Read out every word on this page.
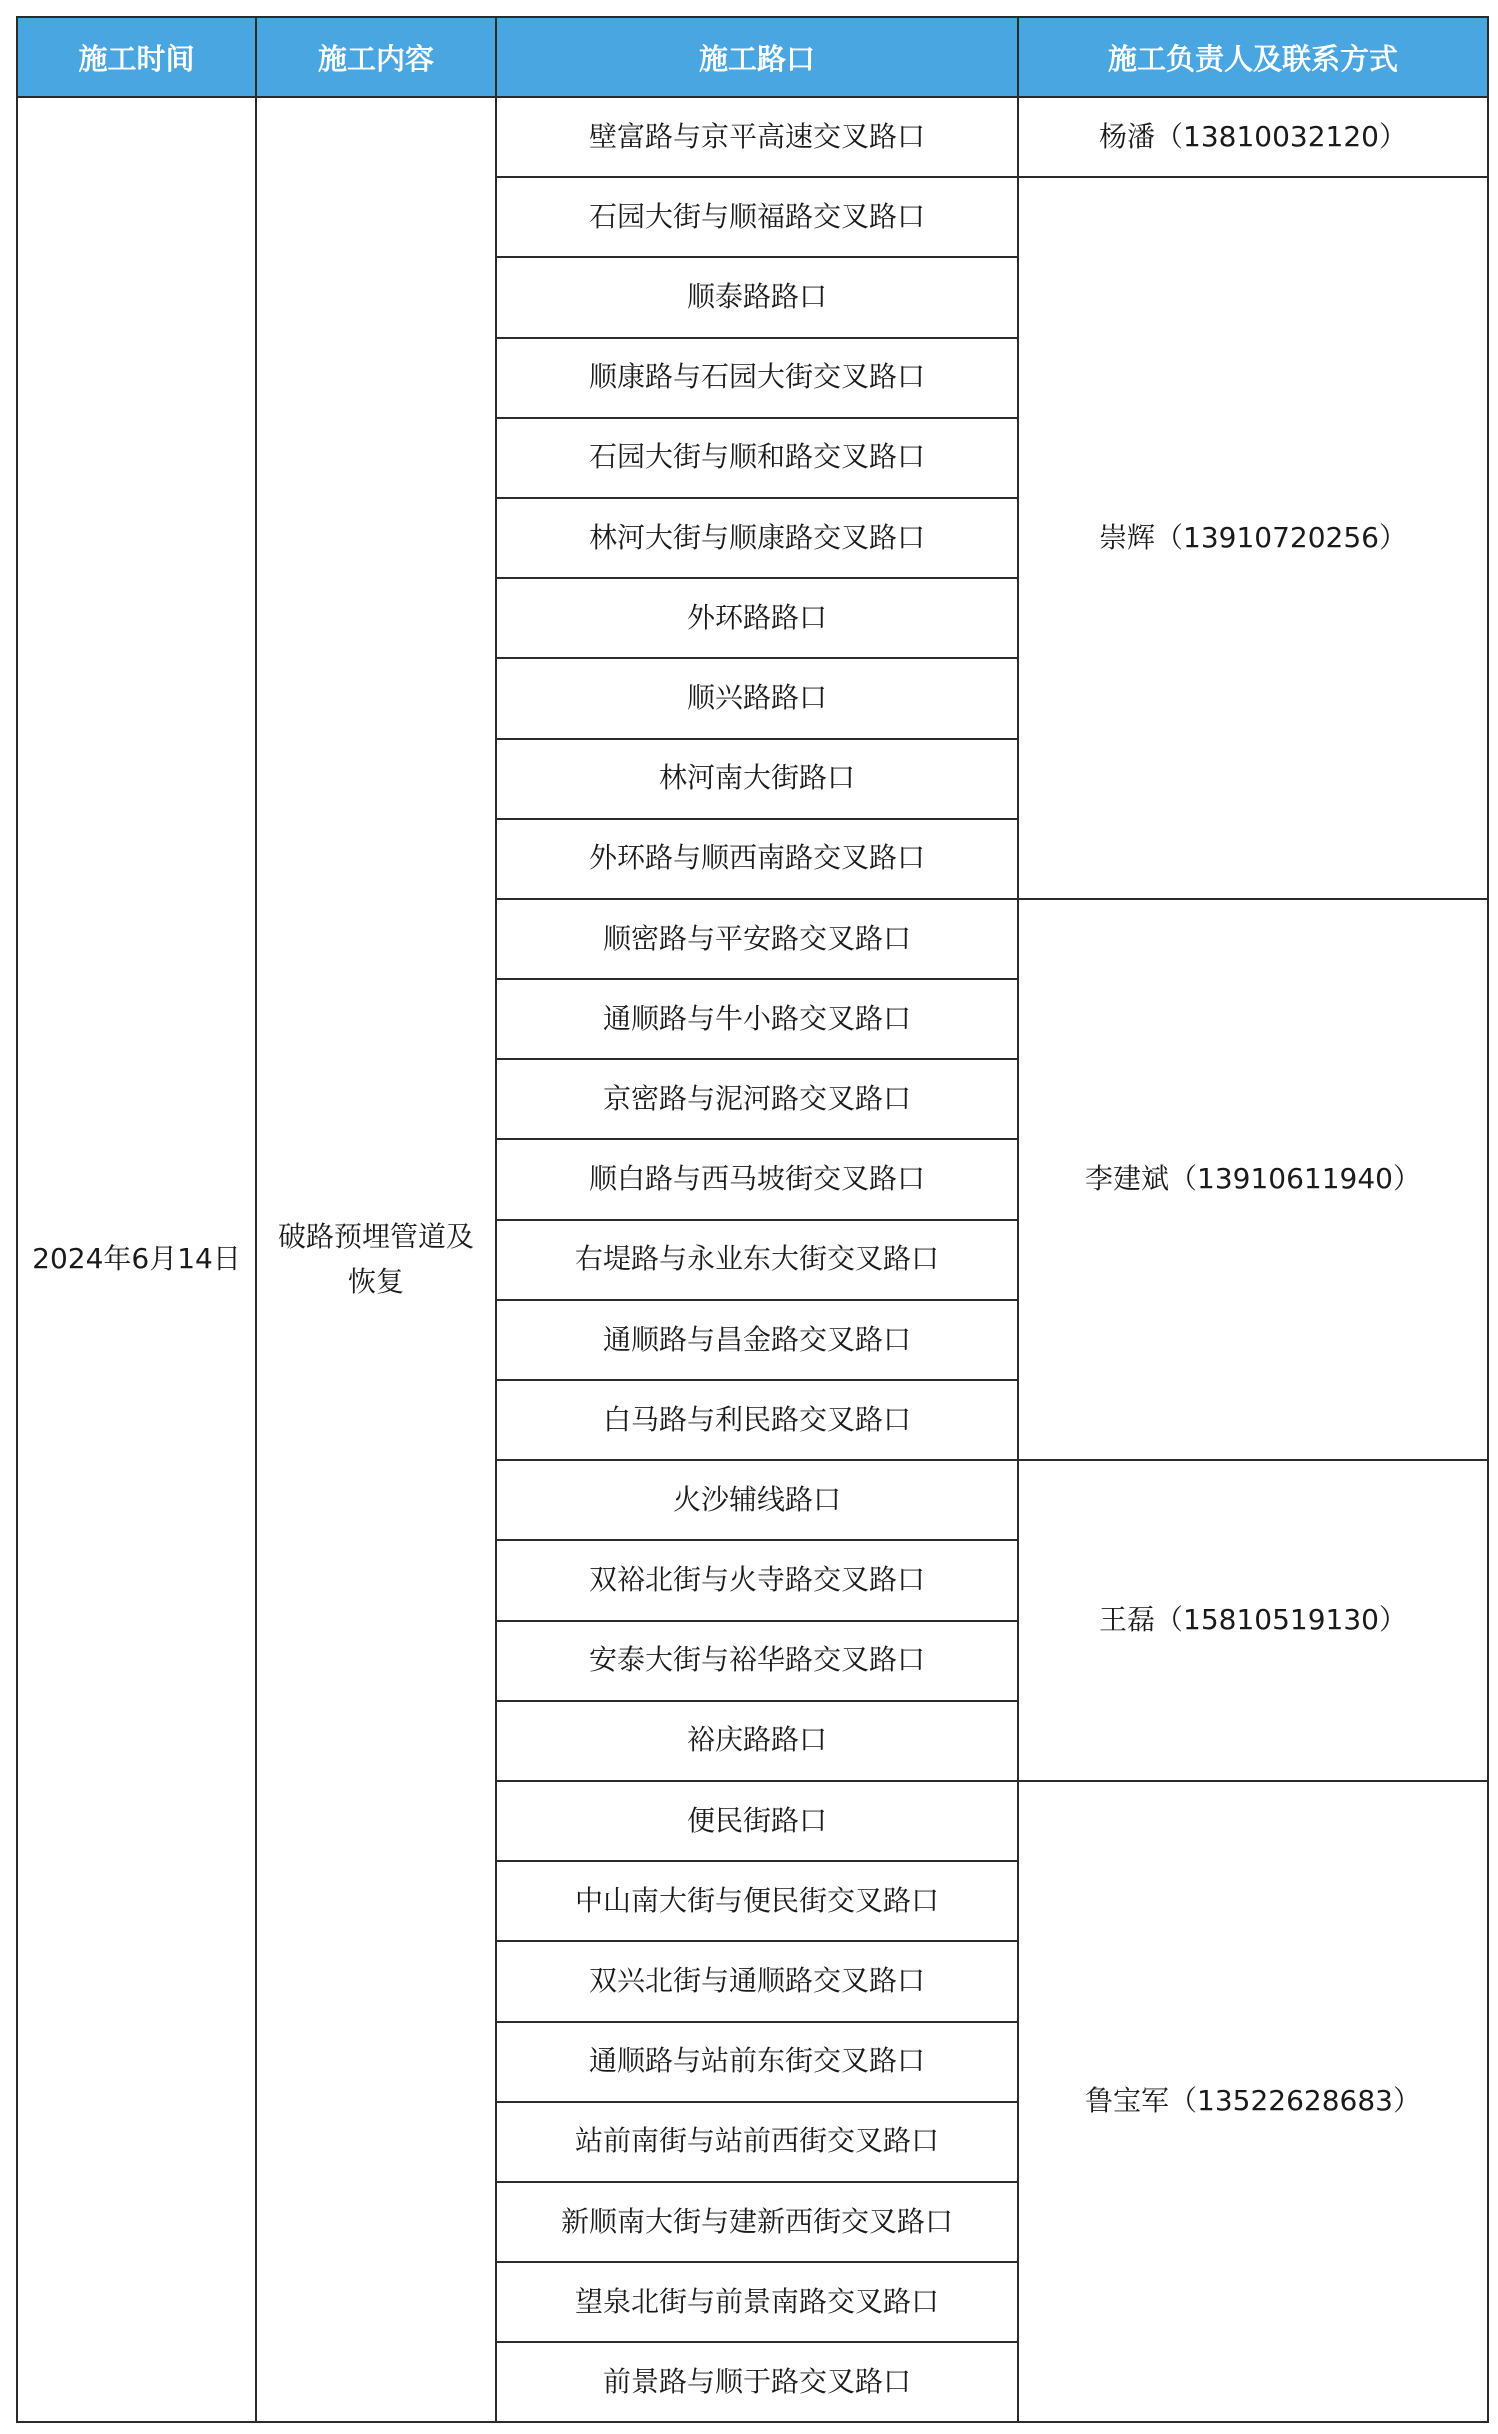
施工时间	施工内容	施工路口	施工负责人及联系方式
2024年6月14日	破路预埋管道及恢复	壁富路与京平高速交叉路口	杨潘（13810032120）
		石园大街与顺福路交叉路口	崇辉（13910720256）
		顺泰路路口	
		顺康路与石园大街交叉路口	
		石园大街与顺和路交叉路口	
		林河大街与顺康路交叉路口	
		外环路路口	
		顺兴路路口	
		林河南大街路口	
		外环路与顺西南路交叉路口	
		顺密路与平安路交叉路口	李建斌（13910611940）
		通顺路与牛小路交叉路口	
		京密路与泥河路交叉路口	
		顺白路与西马坡街交叉路口	
		右堤路与永业东大街交叉路口	
		通顺路与昌金路交叉路口	
		白马路与利民路交叉路口	
		火沙辅线路口	王磊（15810519130）
		双裕北街与火寺路交叉路口	
		安泰大街与裕华路交叉路口	
		裕庆路路口	
		便民街路口	鲁宝军（13522628683）
		中山南大街与便民街交叉路口	
		双兴北街与通顺路交叉路口	
		通顺路与站前东街交叉路口	
		站前南街与站前西街交叉路口	
		新顺南大街与建新西街交叉路口	
		望泉北街与前景南路交叉路口	
		前景路与顺于路交叉路口	
